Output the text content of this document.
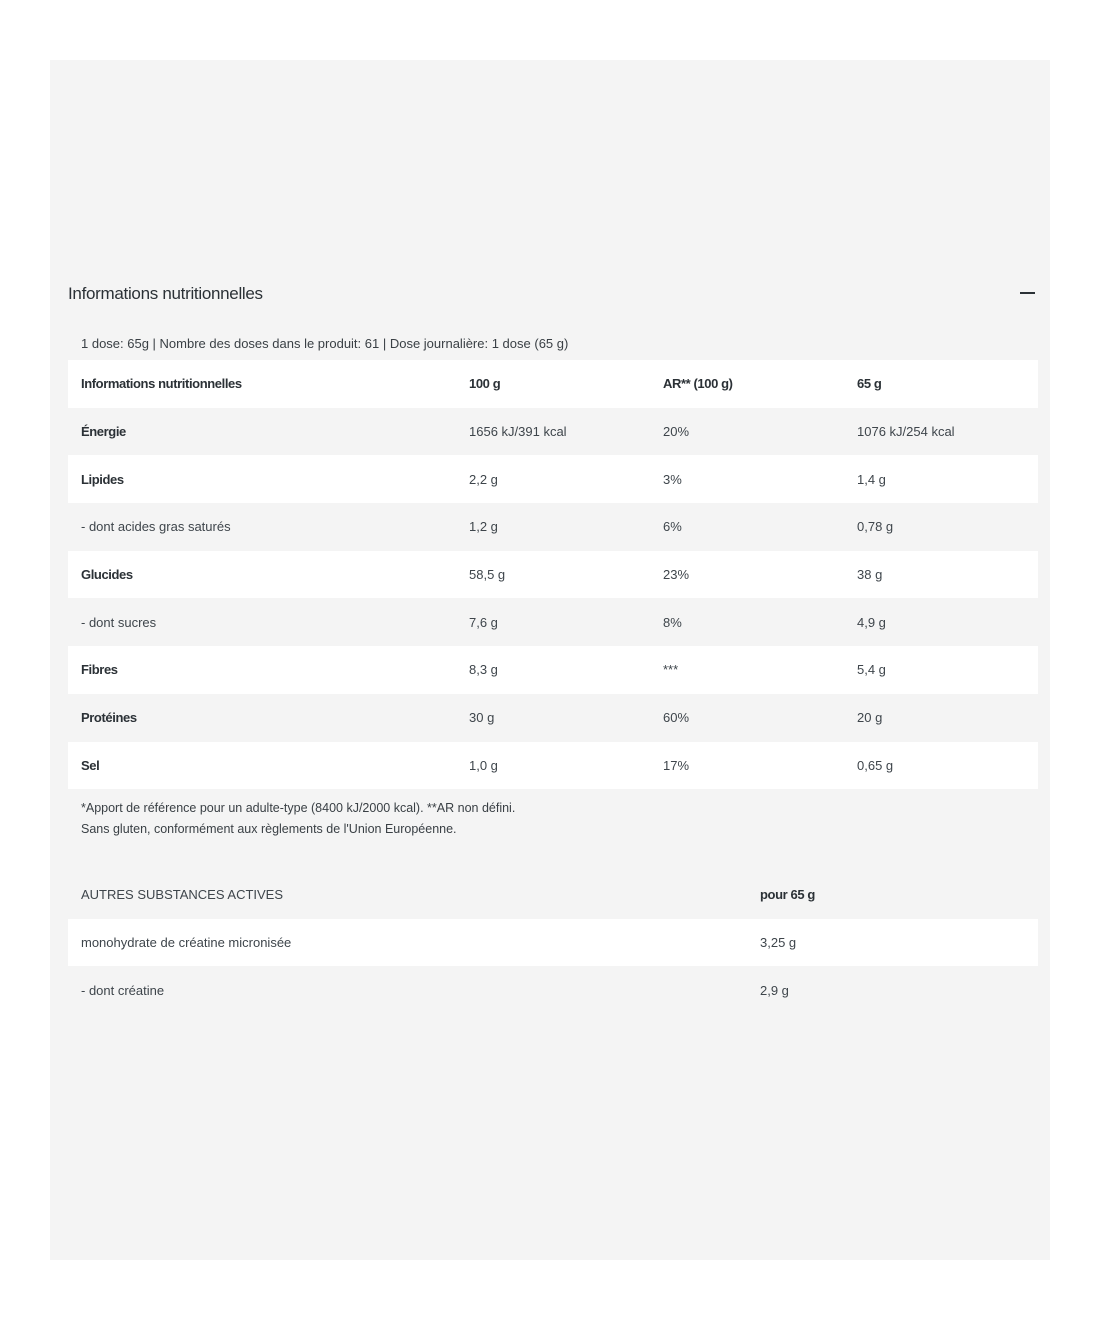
Informations nutritionnelles
1 dose: 65g | Nombre des doses dans le produit: 61 | Dose journalière: 1 dose (65 g)
Informations nutritionnelles	100 g	AR** (100 g)	65 g
Énergie	1656 kJ/391 kcal	20%	1076 kJ/254 kcal
Lipides	2,2 g	3%	1,4 g
- dont acides gras saturés	1,2 g	6%	0,78 g
Glucides	58,5 g	23%	38 g
- dont sucres	7,6 g	8%	4,9 g
Fibres	8,3 g	***	5,4 g
Protéines	30 g	60%	20 g
Sel	1,0 g	17%	0,65 g
*Apport de référence pour un adulte-type (8400 kJ/2000 kcal). **AR non défini.
Sans gluten, conformément aux règlements de l'Union Européenne.
AUTRES SUBSTANCES ACTIVES	pour 65 g
monohydrate de créatine micronisée	3,25 g
- dont créatine	2,9 g
